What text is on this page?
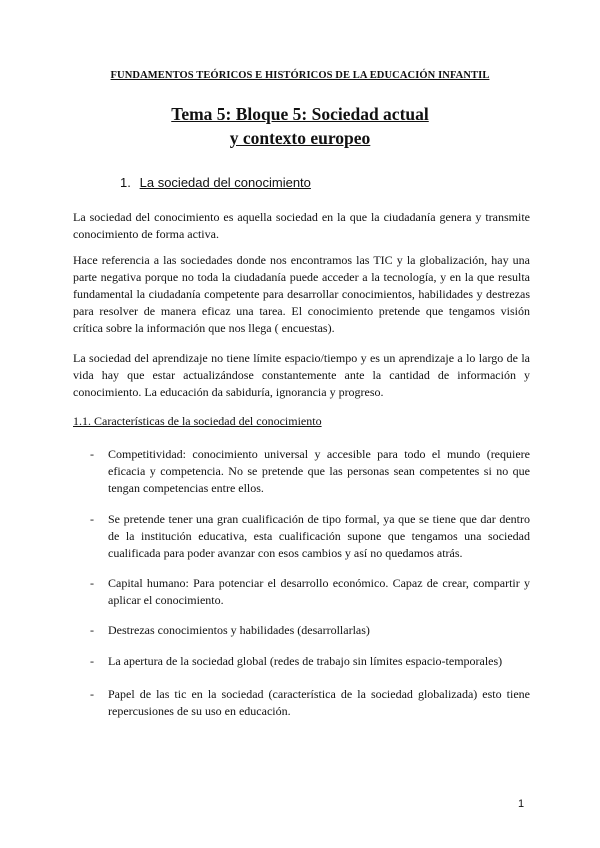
FUNDAMENTOS TEÓRICOS E HISTÓRICOS DE LA EDUCACIÓN INFANTIL
Tema 5: Bloque 5: Sociedad actual
y contexto europeo
1. La sociedad del conocimiento

La sociedad del conocimiento es aquella sociedad en la que la ciudadanía genera y transmite conocimiento de forma activa.

Hace referencia a las sociedades donde nos encontramos las TIC y la globalización, hay una parte negativa porque no toda la ciudadanía puede acceder a la tecnología, y en la que resulta fundamental la ciudadanía competente para desarrollar conocimientos, habilidades y destrezas para resolver de manera eficaz una tarea. El conocimiento pretende que tengamos visión crítica sobre la información que nos llega ( encuestas).

La sociedad del aprendizaje no tiene límite espacio/tiempo y es un aprendizaje a lo largo de la vida hay que estar actualizándose constantemente ante la cantidad de información y conocimiento. La educación da sabiduría, ignorancia y progreso.

1.1. Características de la sociedad del conocimiento
- Competitividad: conocimiento universal y accesible para todo el mundo (requiere eficacia y competencia. No se pretende que las personas sean competentes si no que tengan competencias entre ellos.

- Se pretende tener una gran cualificación de tipo formal, ya que se tiene que dar dentro de la institución educativa, esta cualificación supone que tengamos una sociedad cualificada para poder avanzar con esos cambios y así no quedamos atrás.

- Capital humano: Para potenciar el desarrollo económico. Capaz de crear, compartir y aplicar el conocimiento.

- Destrezas conocimientos y habilidades (desarrollarlas)

- La apertura de la sociedad global (redes de trabajo sin límites espacio-temporales)

- Papel de las tic en la sociedad (característica de la sociedad globalizada) esto tiene repercusiones de su uso en educación.

1
